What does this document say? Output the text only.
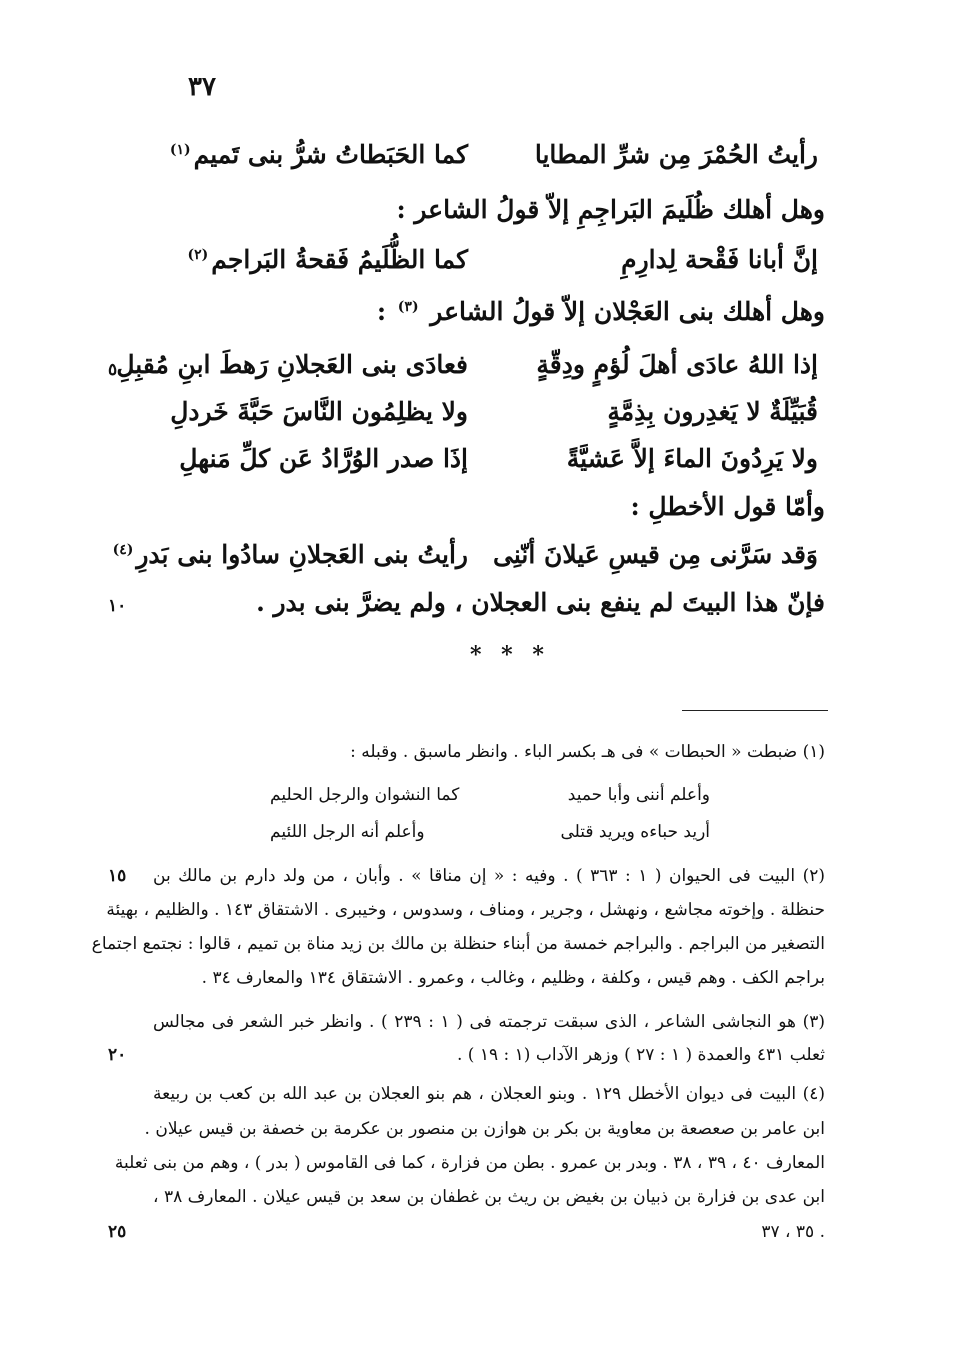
٣٧
٥
١٠
١٥
٢٠
٢٥
رأيتُ الحُمْرَ مِن شرِّ المطايا
كما الحَبَطاتُ شرُّ بنى تَميم$^{(١)}$
وهل أهلك ظُلَيمَ البَراجِمِ إلاّ قولُ الشاعر :
إنَّ أبانا فَقْحة لِدارِمِ
كما الظُّلَيمُ فَقحةُ البَراجم$^{(٢)}$
وهل أهلك بنى العَجْلان إلاّ قولُ الشاعر $^{(٣)}$ :
إذا اللهُ عادَى أهلَ لُؤمٍ ودِقّةٍ
فعادَى بنى العَجلانِ رَهطَ ابنِ مُقبِلِ
قُبَيِّلَةٌ لا يَغدِرون بِذِمَّةٍ
ولا يظلِمُون النَّاسَ حَبَّةَ خَردلِ
ولا يَرِدُونَ الماءَ إلاَّ عَشيَّةً
إذَا صدر الوُرَّادُ عَن كلِّ مَنهلِ
وأمّا قول الأخطلِ :
وَقد سَرَّنى مِن قيسِ عَيلانَ أنّنِى
رأيتُ بنى العَجلانِ سادُوا بنى بَدرِ$^{(٤)}$
فإنّ هذا البيتَ لم ينفع بنى العجلان ، ولم يضرَّ بنى بدر .
* * *
(١) ضبطت « الحبطات » فى هـ بكسر الباء . وانظر ماسبق . وقبله :
وأعلم أننى وأبا حميد
كما النشوان والرجل الحليم
أريد حباءه ويريد قتلى
وأعلم أنه الرجل اللئيم
(٢) البيت فى الحيوان ( ١ : ٣٦٣ ) . وفيه : « إن مناقا » . وأبان ، من ولد دارم بن مالك بن
حنظلة . وإخوته مجاشع ، ونهشل ، وجرير ، ومناف ، وسدوس ، وخيبرى . الاشتقاق ١٤٣ . والظليم ، بهيئة
التصغير من البراجم . والبراجم خمسة من أبناء حنظلة بن مالك بن زيد مناة بن تميم ، قالوا : نجتمع اجتماع
براجم الكف . وهم قيس ، وكلفة ، وظليم ، وغالب ، وعمرو . الاشتقاق ١٣٤ والمعارف ٣٤ .
(٣) هو النجاشى الشاعر ، الذى سبقت ترجمته فى ( ١ : ٢٣٩ ) . وانظر خبر الشعر فى مجالس
ثعلب ٤٣١ والعمدة ( ١ : ٢٧ ) وزهر الآداب (١ : ١٩ ) .
(٤) البيت فى ديوان الأخطل ١٢٩ . وبنو العجلان ، هم بنو العجلان بن عبد الله بن كعب بن ربيعة
ابن عامر بن صعصعة بن معاوية بن بكر بن هوازن بن منصور بن عكرمة بن خصفة بن قيس عيلان .
المعارف ٤٠ ، ٣٩ ، ٣٨ . وبدر بن عمرو . بطن من فزارة ، كما فى القاموس ( بدر ) ، وهم من بنى ثعلبة
ابن عدى بن فزارة بن ذبيان بن بغيض بن ريث بن غطفان بن سعد بن قيس عيلان . المعارف ٣٨ ،
. ٣٥ ، ٣٧
